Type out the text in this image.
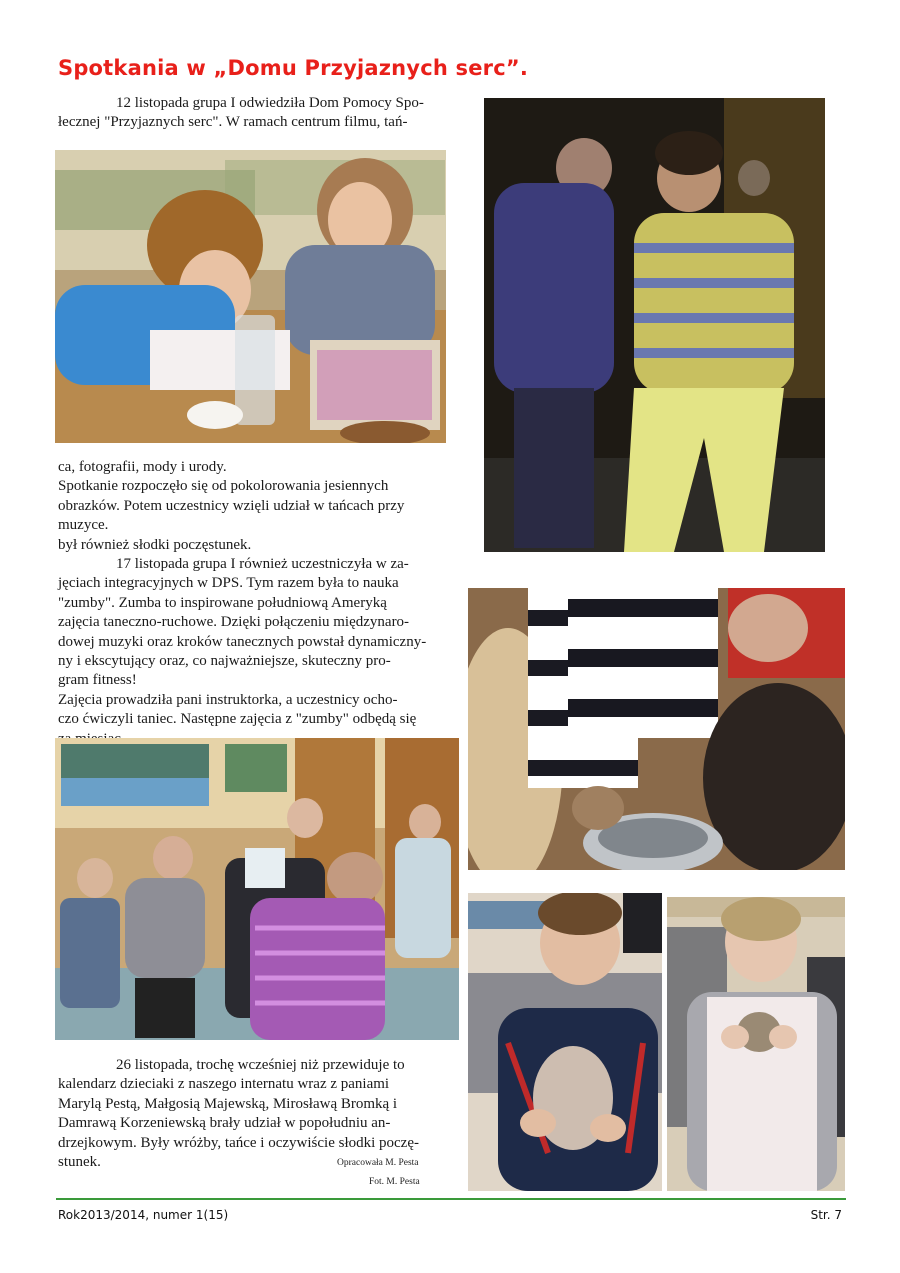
Spotkania w „Domu Przyjaznych serc”.
12 listopada grupa I odwiedziła Dom Pomocy Spo-
łecznej "Przyjaznych serc". W ramach centrum filmu, tań-
ca, fotografii, mody i urody.
Spotkanie rozpoczęło się od pokolorowania jesiennych
obrazków. Potem uczestnicy wzięli udział w tańcach przy
muzyce.
był również słodki poczęstunek.
17 listopada grupa I również uczestniczyła w za-
jęciach integracyjnych w DPS. Tym razem była to nauka
"zumby". Zumba to inspirowane południową Ameryką
zajęcia taneczno-ruchowe. Dzięki połączeniu międzynaro-
dowej muzyki oraz kroków tanecznych powstał dynamiczny-
ny i ekscytujący oraz, co najważniejsze, skuteczny pro-
gram fitness!
Zajęcia prowadziła pani instruktorka, a uczestnicy ocho-
czo ćwiczyli taniec. Następne zajęcia z "zumby" odbędą się
26 listopada, trochę wcześniej niż przewiduje to
kalendarz dzieciaki z naszego internatu wraz z paniami
Marylą Pestą, Małgosią Majewską, Mirosławą Bromką i
Damrawą Korzeniewską brały udział w popołudniu an-
drzejkowym. Były wróżby, tańce i oczywiście słodki poczę-
stunek.	Opracowała M. Pesta
Fot. M. Pesta
Rok2013/2014, numer 1(15)	Str. 7
